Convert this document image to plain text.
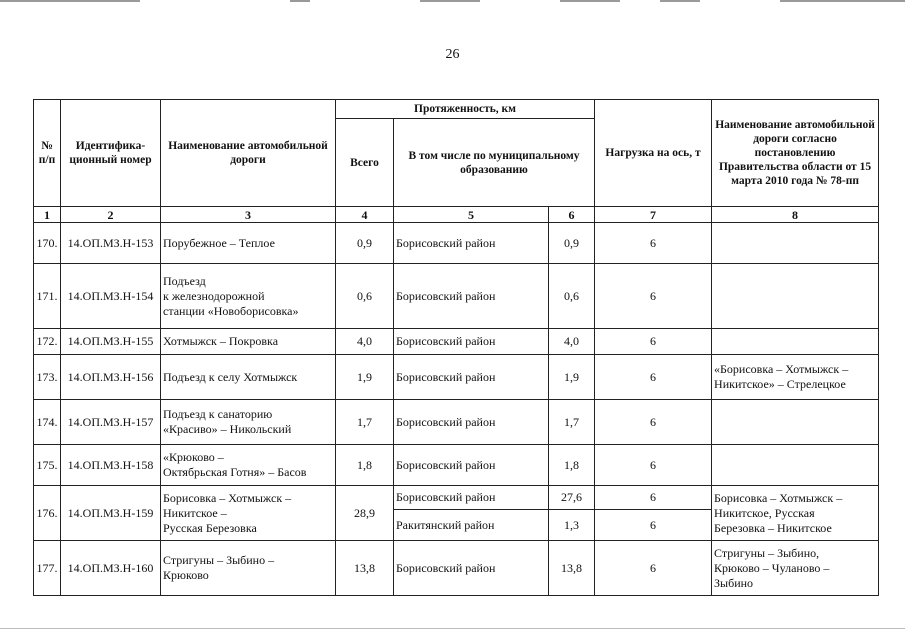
26
№ п/п	Идентифика-ционный номер	Наименование автомобильной дороги	Протяженность, км			Нагрузка на ось, т	Наименование автомобильной дороги согласно постановлению Правительства области от 15 марта 2010 года № 78-пп
			Всего	В том числе по муниципальному образованию			
1	2	3	4	5	6	7	8
170.	14.ОП.МЗ.Н-153	Порубежное – Теплое	0,9	Борисовский район	0,9	6	
171.	14.ОП.МЗ.Н-154	Подъезд
к железнодорожной
станции «Новоборисовка»	0,6	Борисовский район	0,6	6	
172.	14.ОП.МЗ.Н-155	Хотмыжск – Покровка	4,0	Борисовский район	4,0	6	
173.	14.ОП.МЗ.Н-156	Подъезд к селу Хотмыжск	1,9	Борисовский район	1,9	6	«Борисовка – Хотмыжск – Никитское» – Стрелецкое
174.	14.ОП.МЗ.Н-157	Подъезд к санаторию
«Красиво» – Никольский	1,7	Борисовский район	1,7	6	
175.	14.ОП.МЗ.Н-158	«Крюково –
Октябрьская Готня» – Басов	1,8	Борисовский район	1,8	6	
176.	14.ОП.МЗ.Н-159	Борисовка – Хотмыжск –
Никитское –
Русская Березовка	28,9	Борисовский район	27,6	6	Борисовка – Хотмыжск –
Никитское, Русская
Березовка – Никитское
				Ракитянский район	1,3	6	
177.	14.ОП.МЗ.Н-160	Стригуны – Зыбино –
Крюково	13,8	Борисовский район	13,8	6	Стригуны – Зыбино,
Крюково – Чуланово –
Зыбино
